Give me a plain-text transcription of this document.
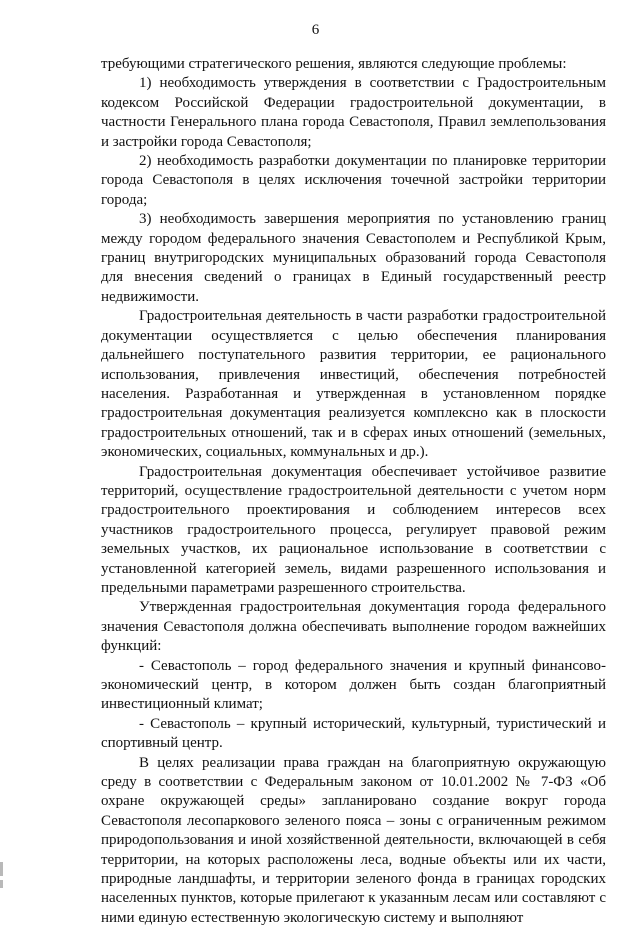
6

требующими стратегического решения, являются следующие проблемы:

1) необходимость утверждения в соответствии с Градостроительным кодексом Российской Федерации градостроительной документации, в частности Генерального плана города Севастополя, Правил землепользования и застройки города Севастополя;

2) необходимость разработки документации по планировке территории города Севастополя в целях исключения точечной застройки территории города;

3) необходимость завершения мероприятия по установлению границ между городом федерального значения Севастополем и Республикой Крым, границ внутригородских муниципальных образований города Севастополя для внесения сведений о границах в Единый государственный реестр недвижимости.

Градостроительная деятельность в части разработки градостроительной документации осуществляется с целью обеспечения планирования дальнейшего поступательного развития территории, ее рационального использования, привлечения инвестиций, обеспечения потребностей населения. Разработанная и утвержденная в установленном порядке градостроительная документация реализуется комплексно как в плоскости градостроительных отношений, так и в сферах иных отношений (земельных, экономических, социальных, коммунальных и др.).

Градостроительная документация обеспечивает устойчивое развитие территорий, осуществление градостроительной деятельности с учетом норм градостроительного проектирования и соблюдением интересов всех участников градостроительного процесса, регулирует правовой режим земельных участков, их рациональное использование в соответствии с установленной категорией земель, видами разрешенного использования и предельными параметрами разрешенного строительства.

Утвержденная градостроительная документация города федерального значения Севастополя должна обеспечивать выполнение городом важнейших функций:

- Севастополь – город федерального значения и крупный финансово-экономический центр, в котором должен быть создан благоприятный инвестиционный климат;

- Севастополь – крупный исторический, культурный, туристический и спортивный центр.

В целях реализации права граждан на благоприятную окружающую среду в соответствии с Федеральным законом от 10.01.2002 № 7-ФЗ «Об охране окружающей среды» запланировано создание вокруг города Севастополя лесопаркового зеленого пояса – зоны с ограниченным режимом природопользования и иной хозяйственной деятельности, включающей в себя территории, на которых расположены леса, водные объекты или их части, природные ландшафты, и территории зеленого фонда в границах городских населенных пунктов, которые прилегают к указанным лесам или составляют с ними единую естественную экологическую систему и выполняют
